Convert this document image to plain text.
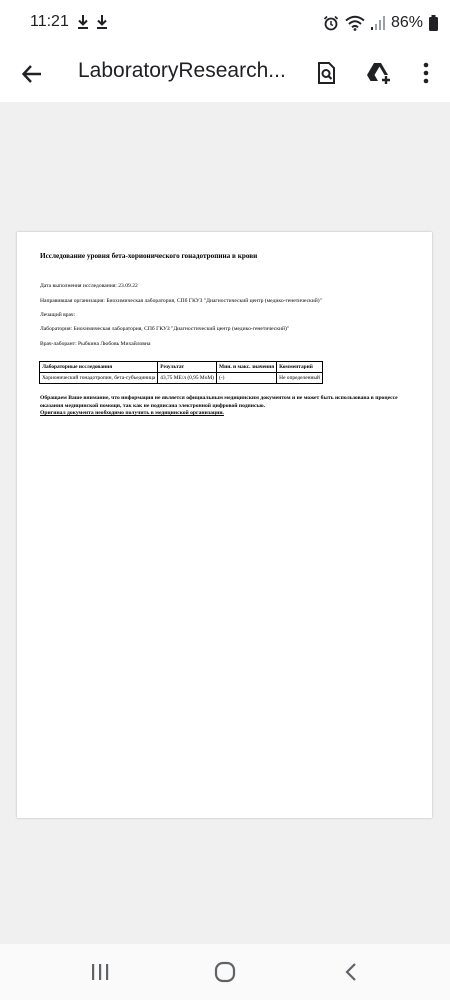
11:21	86%
LaboratoryResearch...
Исследование уровня бета-хорионического гонадотропина в крови
Дата выполнения исследования: 23.09.22
Направившая организация: Биохимическая лаборатория, СПб ГКУЗ "Диагностический центр (медико-генетический)"
Лечащий врач:
Лаборатория: Биохимическая лаборатория, СПб ГКУЗ "Диагностический центр (медико-генетический)"
Врач-лаборант: Рыбкина Любовь Михайловна
Лабораторные исследования	Результат	Мин. и макс. значения	Комментарий
Хорионический гонадотропин, бета-субъединица	43,75 МЕ/л (0,95 MoM)	(-)	Не определенный
Обращаем Ваше внимание, что информация не является официальным медицинским документом и не может быть использована в процессе оказания медицинской помощи, так как не подписана электронной цифровой подписью.
Оригинал документа необходимо получить в медицинской организации.
